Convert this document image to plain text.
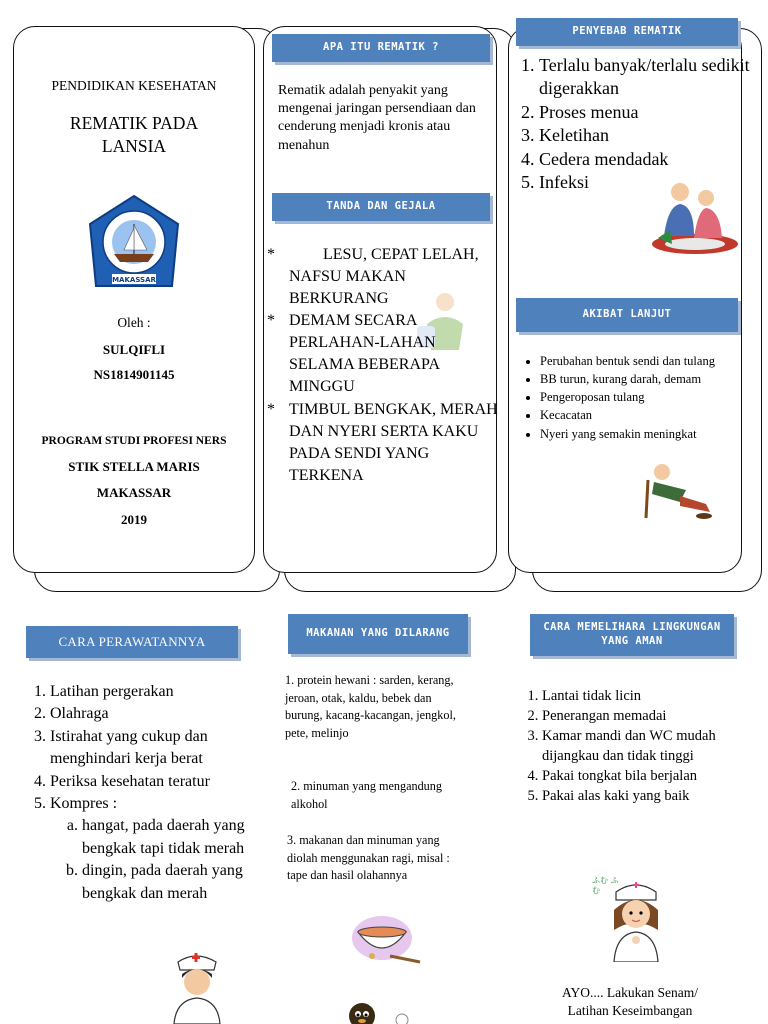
PENDIDIKAN KESEHATAN
REMATIK PADA LANSIA
MAKASSAR
Oleh :
SULQIFLI
NS1814901145
PROGRAM STUDI PROFESI NERS
STIK STELLA MARIS
MAKASSAR
2019
APA ITU REMATIK ?
Rematik adalah penyakit yang mengenai jaringan persendiaan dan cenderung menjadi kronis atau menahun
TANDA DAN GEJALA
*	LESU, CEPAT LELAH, NAFSU MAKAN BERKURANG
* DEMAM SECARA PERLAHAN-LAHAN SELAMA BEBERAPA MINGGU
* TIMBUL BENGKAK, MERAH DAN NYERI SERTA KAKU PADA SENDI YANG TERKENA
PENYEBAB REMATIK
1. Terlalu banyak/terlalu sedikit digerakkan
2. Proses menua
3. Keletihan
4. Cedera mendadak
5. Infeksi
AKIBAT LANJUT
• Perubahan bentuk sendi dan tulang
• BB turun, kurang darah, demam
• Pengeroposan tulang
• Kecacatan
• Nyeri yang semakin meningkat
CARA PERAWATANNYA
1. Latihan pergerakan
2. Olahraga
3. Istirahat yang cukup dan menghindari kerja berat
4. Periksa kesehatan teratur
5. Kompres :
a. hangat, pada daerah yang bengkak tapi tidak merah
b. dingin, pada daerah yang bengkak dan merah
MAKANAN YANG DILARANG
1. protein hewani : sarden, kerang, jeroan, otak, kaldu, bebek dan burung, kacang-kacangan, jengkol, pete, melinjo
2. minuman yang mengandung alkohol
3. makanan dan minuman yang diolah menggunakan ragi, misal : tape dan hasil olahannya
CARA MEMELIHARA LINGKUNGAN YANG AMAN
1. Lantai tidak licin
2. Penerangan memadai
3. Kamar mandi dan WC mudah dijangkau dan tidak tinggi
4. Pakai tongkat bila berjalan
5. Pakai alas kaki yang baik
ふむ ふむ
AYO.... Lakukan Senam/ Latihan Keseimbangan
